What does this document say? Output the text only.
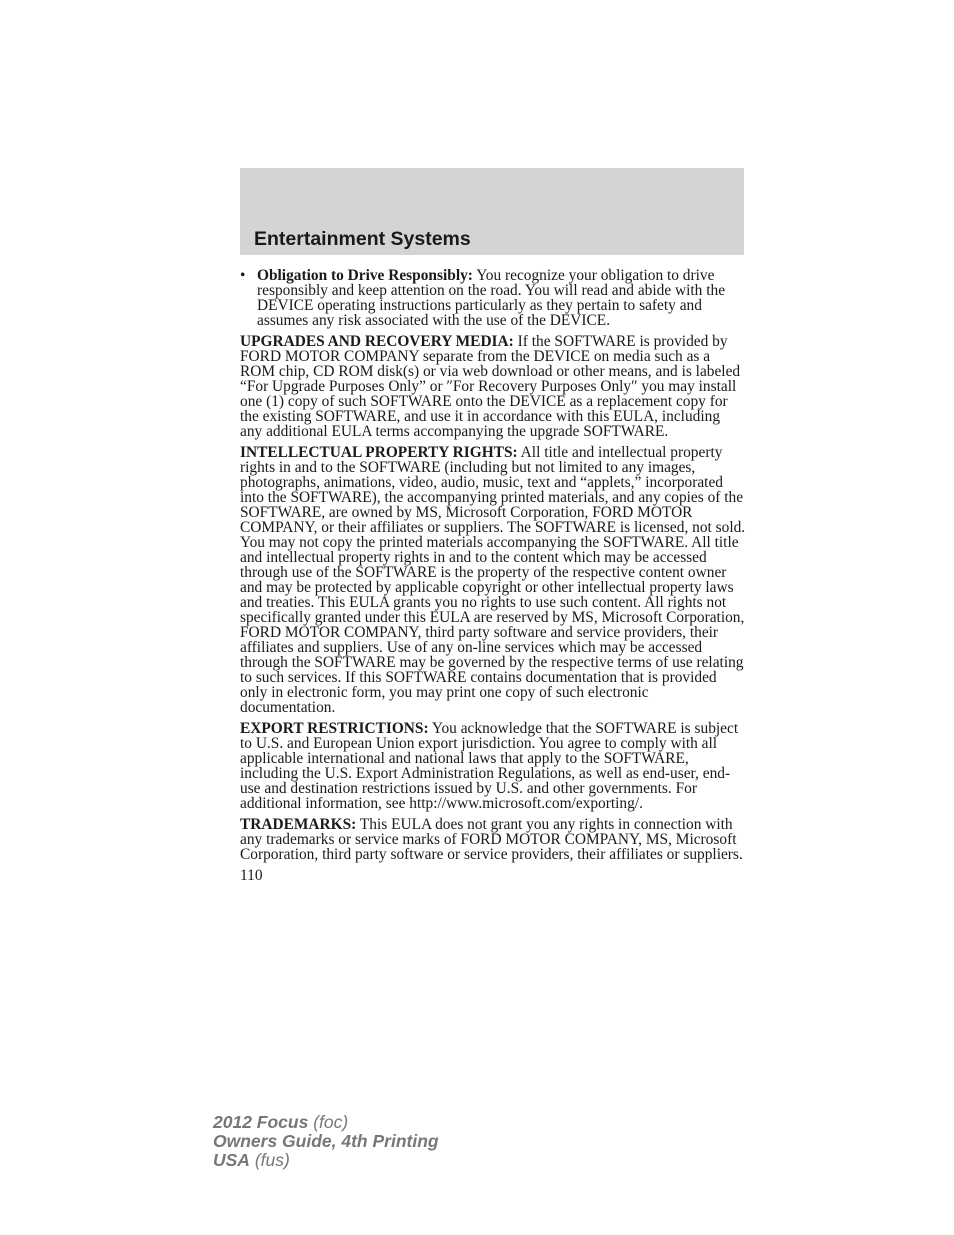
Entertainment Systems
• Obligation to Drive Responsibly: You recognize your obligation to drive responsibly and keep attention on the road. You will read and abide with the DEVICE operating instructions particularly as they pertain to safety and assumes any risk associated with the use of the DEVICE.

UPGRADES AND RECOVERY MEDIA: If the SOFTWARE is provided by FORD MOTOR COMPANY separate from the DEVICE on media such as a ROM chip, CD ROM disk(s) or via web download or other means, and is labeled “For Upgrade Purposes Only” or ″For Recovery Purposes Only″ you may install one (1) copy of such SOFTWARE onto the DEVICE as a replacement copy for the existing SOFTWARE, and use it in accordance with this EULA, including any additional EULA terms accompanying the upgrade SOFTWARE.

INTELLECTUAL PROPERTY RIGHTS: All title and intellectual property rights in and to the SOFTWARE (including but not limited to any images, photographs, animations, video, audio, music, text and “applets,” incorporated into the SOFTWARE), the accompanying printed materials, and any copies of the SOFTWARE, are owned by MS, Microsoft Corporation, FORD MOTOR COMPANY, or their affiliates or suppliers. The SOFTWARE is licensed, not sold. You may not copy the printed materials accompanying the SOFTWARE. All title and intellectual property rights in and to the content which may be accessed through use of the SOFTWARE is the property of the respective content owner and may be protected by applicable copyright or other intellectual property laws and treaties. This EULA grants you no rights to use such content. All rights not specifically granted under this EULA are reserved by MS, Microsoft Corporation, FORD MOTOR COMPANY, third party software and service providers, their affiliates and suppliers. Use of any on-line services which may be accessed through the SOFTWARE may be governed by the respective terms of use relating to such services. If this SOFTWARE contains documentation that is provided only in electronic form, you may print one copy of such electronic documentation.

EXPORT RESTRICTIONS: You acknowledge that the SOFTWARE is subject to U.S. and European Union export jurisdiction. You agree to comply with all applicable international and national laws that apply to the SOFTWARE, including the U.S. Export Administration Regulations, as well as end-user, end-use and destination restrictions issued by U.S. and other governments. For additional information, see http://www.microsoft.com/exporting/.

TRADEMARKS: This EULA does not grant you any rights in connection with any trademarks or service marks of FORD MOTOR COMPANY, MS, Microsoft Corporation, third party software or service providers, their affiliates or suppliers.

110
2012 Focus (foc)
Owners Guide, 4th Printing
USA (fus)
